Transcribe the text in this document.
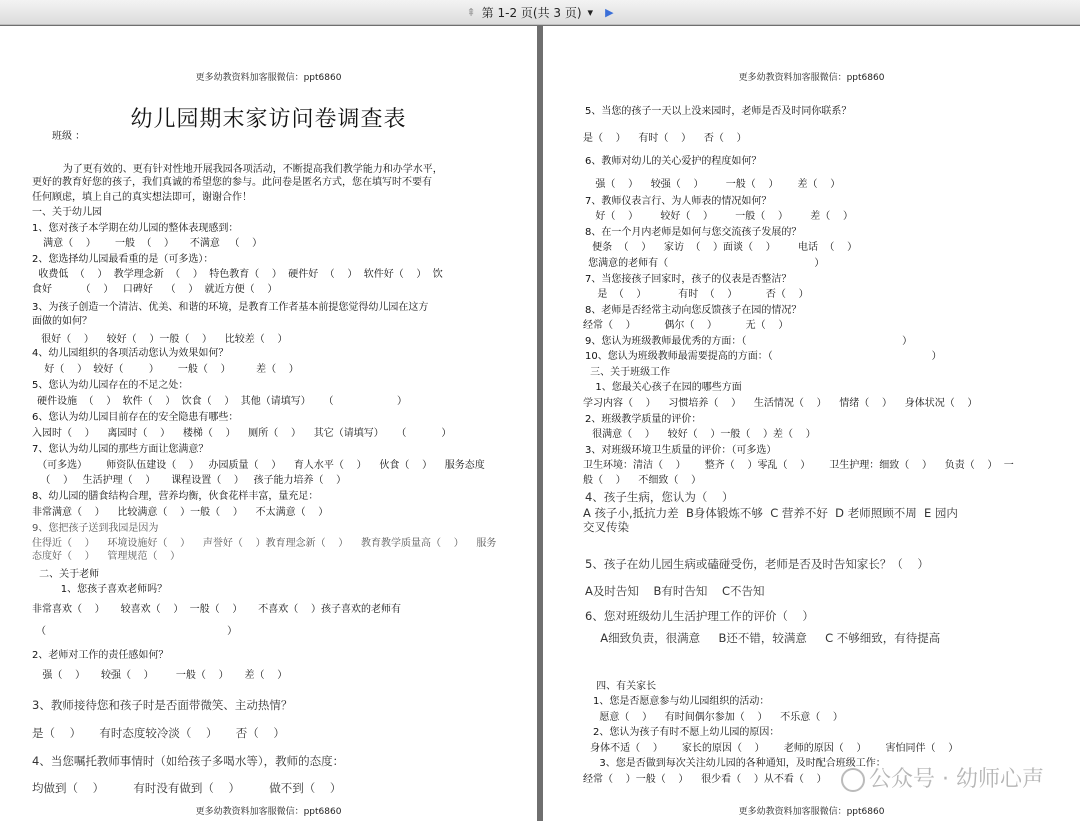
⇞ 第 1-2 页(共 3 页) ▾ ▶
更多幼教资料加客服微信：ppt6860
幼儿园期末家访问卷调查表
班级 ：
为了更有效的、更有针对性地开展我园各项活动，不断提高我们教学能力和办学水平，
更好的教育好您的孩子，我们真诚的希望您的参与。此问卷是匿名方式，您在填写时不要有
任何顾虑，填上自己的真实想法即可，谢谢合作！
一、关于幼儿园
1、您对孩子本学期在幼儿园的整体表现感到：
满意（    ）      一般  （    ）     不满意   （    ）
2、您选择幼儿园最看重的是（可多选）：
收费低  （    ）  教学理念新  （    ）  特色教育（    ）  硬件好  （    ）  软件好（    ）  饮
食好         （    ）   口碑好    （    ）  就近方便（    ）
3、为孩子创造一个清洁、优美、和谐的环境，是教育工作者基本前提您觉得幼儿园在这方
面做的如何？
很好（    ）    较好（    ）一般（    ）    比较差（    ）
4、幼儿园组织的各项活动您认为效果如何？
好（    ）  较好（        ）      一般（    ）        差（    ）
5、您认为幼儿园存在的不足之处：
硬件设施  （    ）  软件（    ）  饮食（    ）  其他（请填写）    （                    ）
6、您认为幼儿园目前存在的安全隐患有哪些：
入园时（    ）    离园时（    ）    楼梯（    ）    厕所（    ）    其它（请填写）    （           ）
7、您认为幼儿园的那些方面让您满意？
（可多选）      师资队伍建设（    ）   办园质量（    ）    育人水平（    ）    伙食（    ）    服务态度
（    ）   生活护理（    ）     课程设置（    ）   孩子能力培养（    ）
8、幼儿园的膳食结构合理，营养均衡，伙食花样丰富，量充足：
非常满意（    ）    比较满意（    ）一般（    ）    不太满意（    ）
9、您把孩子送到我园是因为
住得近（    ）    环境设施好（    ）    声誉好（    ）教育理念新（    ）    教育教学质量高（    ）    服务
态度好（    ）    管理规范（    ）
二、关于老师
1、您孩子喜欢老师吗？
非常喜欢（    ）     较喜欢（    ）  一般（    ）     不喜欢（    ）孩子喜欢的老师有
（                                                         ）
2、老师对工作的责任感如何？
强（    ）     较强（    ）       一般（    ）     差（    ）
3、教师接待您和孩子时是否面带微笑、主动热情？
是（    ）     有时态度较冷淡（    ）     否（    ）
4、当您嘱托教师事情时（如给孩子多喝水等），教师的态度：
均做到（    ）        有时没有做到（    ）        做不到（    ）
更多幼教资料加客服微信：ppt6860
更多幼教资料加客服微信：ppt6860
5、当您的孩子一天以上没来园时，老师是否及时同你联系？
是（    ）    有时（    ）    否（    ）
6、教师对幼儿的关心爱护的程度如何？
强（    ）    较强（    ）       一般（    ）      差（    ）
7、教师仪表言行、为人师表的情况如何？
好（    ）       较好（    ）       一般（    ）       差（    ）
8、在一个月内老师是如何与您交流孩子发展的？
便条  （    ）    家访  （    ）面谈（    ）       电话  （    ）
您满意的老师有（                                              ）
7、当您接孩子回家时，孩子的仪表是否整洁？
是  （    ）          有时  （    ）         否（    ）
8、老师是否经常主动向您反馈孩子在园的情况？
经常（    ）         偶尔（    ）         无（    ）
9、您认为班级教师最优秀的方面：（                                                 ）
10、您认为班级教师最需要提高的方面：（                                                  ）
三、关于班级工作
1、您最关心孩子在园的哪些方面
学习内容（    ）    习惯培养（    ）    生活情况（    ）    情绪（    ）    身体状况（    ）
2、班级教学质量的评价：
很满意（    ）    较好（    ）一般（    ）差（    ）
3、对班级环境卫生质量的评价：（可多选）
卫生环境：清洁（    ）      整齐（    ）零乱（    ）      卫生护理：细致（    ）    负责（    ）  一
般（    ）    不细致（    ）
4、孩子生病，您认为（    ）
A 孩子小,抵抗力差  B身体锻炼不够  C 营养不好  D 老师照顾不周  E 园内
交叉传染
5、孩子在幼儿园生病或磕碰受伤，老师是否及时告知家长？（    ）
A及时告知    B有时告知    C不告知
6、您对班级幼儿生活护理工作的评价（    ）
A细致负责，很满意     B还不错，较满意     C 不够细致，有待提高
四、有关家长
1、您是否愿意参与幼儿园组织的活动：
愿意（    ）    有时间偶尔参加（    ）    不乐意（    ）
2、您认为孩子有时不愿上幼儿园的原因：
身体不适（    ）      家长的原因（    ）      老师的原因（    ）      害怕同伴（    ）
3、您是否做到每次关注幼儿园的各种通知，及时配合班级工作：
经常（    ）一般（    ）    很少看（    ）从不看（    ）
更多幼教资料加客服微信：ppt6860
公众号 · 幼师心声
